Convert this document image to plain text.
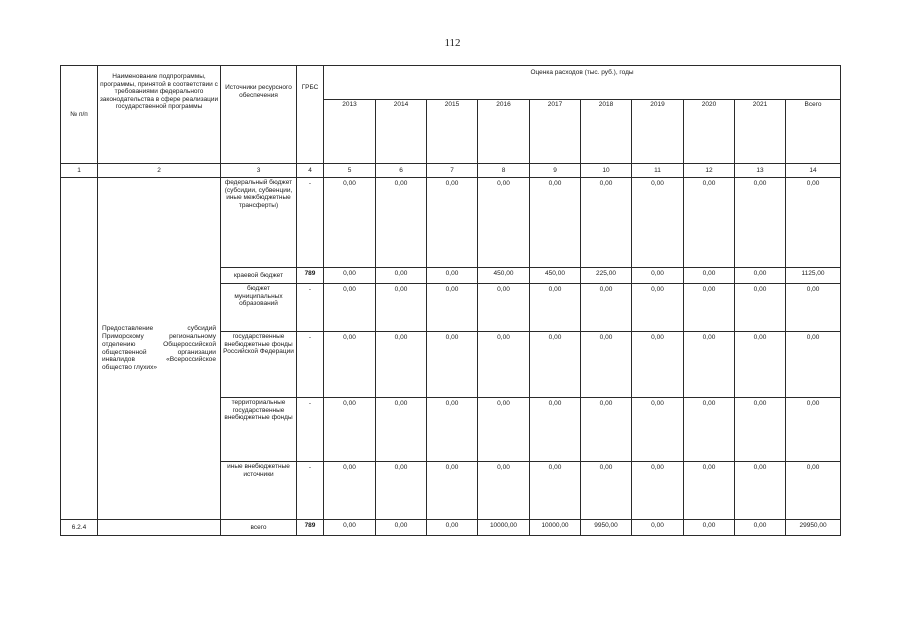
112
№ п/п	Наименование подпрограммы, программы, принятой в соответствии с требованиями федерального законодательства в сфере реализации государственной программы	Источники ресурсного обеспечения	ГРБС	Оценка расходов (тыс. руб.), годы									
				2013	2014	2015	2016	2017	2018	2019	2020	2021	Всего
1	2	3	4	5	6	7	8	9	10	11	12	13	14
	Предоставление субсидий Приморскому региональному отделению Общероссийской общественной организации инвалидов «Всероссийское общество глухих»	федеральный бюджет (субсидии, субвенции, иные межбюджетные трансферты)	-	0,00	0,00	0,00	0,00	0,00	0,00	0,00	0,00	0,00	0,00
		краевой бюджет	789	0,00	0,00	0,00	450,00	450,00	225,00	0,00	0,00	0,00	1125,00
		бюджет муниципальных образований	-	0,00	0,00	0,00	0,00	0,00	0,00	0,00	0,00	0,00	0,00
		государственные внебюджетные фонды Российской Федерации	-	0,00	0,00	0,00	0,00	0,00	0,00	0,00	0,00	0,00	0,00
		территориальные государственные внебюджетные фонды	-	0,00	0,00	0,00	0,00	0,00	0,00	0,00	0,00	0,00	0,00
		иные внебюджетные источники	-	0,00	0,00	0,00	0,00	0,00	0,00	0,00	0,00	0,00	0,00
6.2.4		всего	789	0,00	0,00	0,00	10000,00	10000,00	9950,00	0,00	0,00	0,00	29950,00
